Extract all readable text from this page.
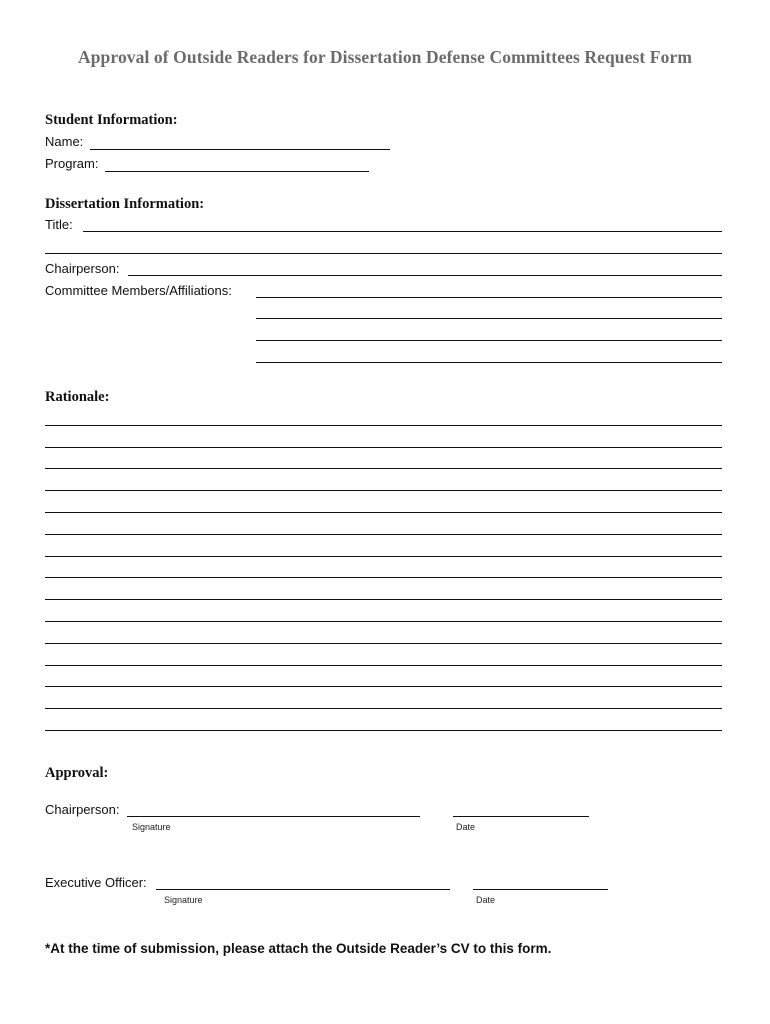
Approval of Outside Readers for Dissertation Defense Committees Request Form
Student Information:
Name:
Program:
Dissertation Information:
Title:
Chairperson:
Committee Members/Affiliations:
Rationale:
Approval:
Chairperson:
Signature	Date
Executive Officer:
Signature	Date
*At the time of submission, please attach the Outside Reader’s CV to this form.
